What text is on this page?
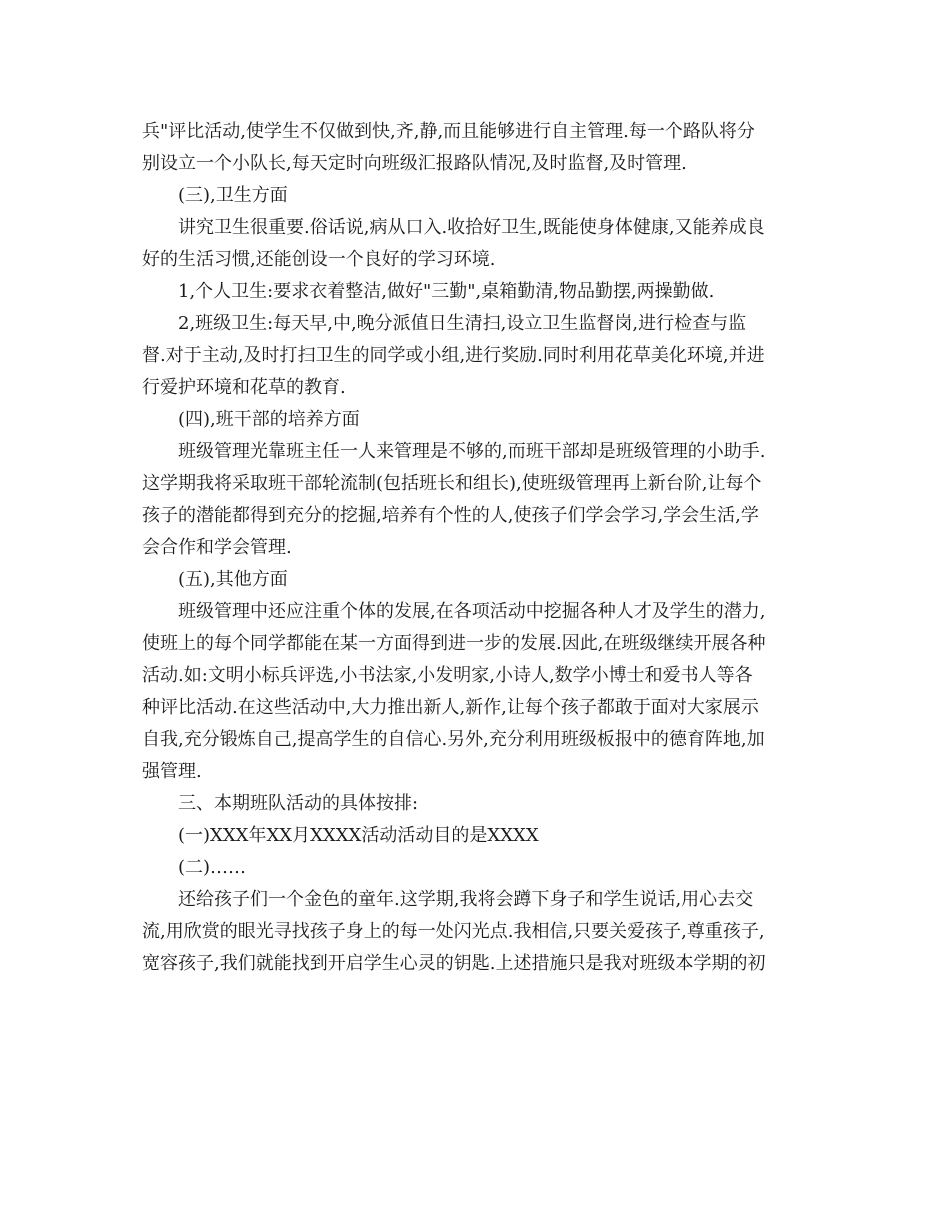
兵"评比活动,使学生不仅做到快,齐,静,而且能够进行自主管理.每一个路队将分

别设立一个小队长,每天定时向班级汇报路队情况,及时监督,及时管理.

(三),卫生方面

讲究卫生很重要.俗话说,病从口入.收拾好卫生,既能使身体健康,又能养成良

好的生活习惯,还能创设一个良好的学习环境.

1,个人卫生:要求衣着整洁,做好"三勤",桌箱勤清,物品勤摆,两操勤做.

2,班级卫生:每天早,中,晚分派值日生清扫,设立卫生监督岗,进行检查与监

督.对于主动,及时打扫卫生的同学或小组,进行奖励.同时利用花草美化环境,并进

行爱护环境和花草的教育.

(四),班干部的培养方面

班级管理光靠班主任一人来管理是不够的,而班干部却是班级管理的小助手.

这学期我将采取班干部轮流制(包括班长和组长),使班级管理再上新台阶,让每个

孩子的潜能都得到充分的挖掘,培养有个性的人,使孩子们学会学习,学会生活,学

会合作和学会管理.

(五),其他方面

班级管理中还应注重个体的发展,在各项活动中挖掘各种人才及学生的潜力,

使班上的每个同学都能在某一方面得到进一步的发展.因此,在班级继续开展各种

活动.如:文明小标兵评选,小书法家,小发明家,小诗人,数学小博士和爱书人等各

种评比活动.在这些活动中,大力推出新人,新作,让每个孩子都敢于面对大家展示

自我,充分锻炼自己,提高学生的自信心.另外,充分利用班级板报中的德育阵地,加

强管理.

三、本期班队活动的具体按排:

(一)XXX年XX月XXXX活动活动目的是XXXX

(二)……

还给孩子们一个金色的童年.这学期,我将会蹲下身子和学生说话,用心去交

流,用欣赏的眼光寻找孩子身上的每一处闪光点.我相信,只要关爱孩子,尊重孩子,

宽容孩子,我们就能找到开启学生心灵的钥匙.上述措施只是我对班级本学期的初
